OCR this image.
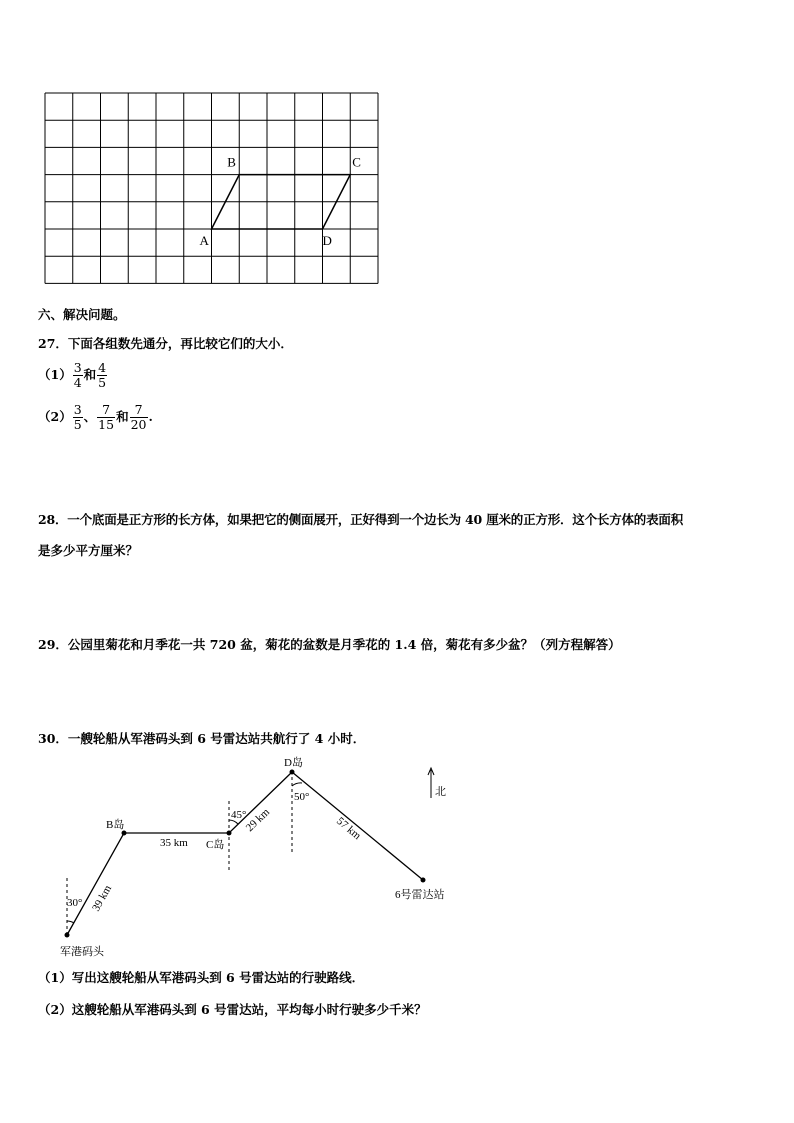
A
B	C
D
六、解决问题。
27．下面各组数先通分，再比较它们的大小．
$(1) \frac{3}{4}$ 和 $\frac{4}{5}$
$(2) \frac{3}{5}$ 、 $\frac{7}{15}$ 和 $\frac{7}{20}$ .
28．一个底面是正方形的长方体，如果把它的侧面展开，正好得到一个边长为 40 厘米的正方形．这个长方体的表面积
是多少平方厘米？
29．公园里菊花和月季花一共 720 盆，菊花的盆数是月季花的 1.4 倍，菊花有多少盆？（列方程解答）
30．一艘轮船从军港码头到 6 号雷达站共航行了 4 小时．
北
军港码头
B岛
C岛
D岛
6号雷达站
30° 39 km
35 km
45°
29 km
50°
57 km
（1）写出这艘轮船从军港码头到 6 号雷达站的行驶路线．
（2）这艘轮船从军港码头到 6 号雷达站，平均每小时行驶多少千米？
